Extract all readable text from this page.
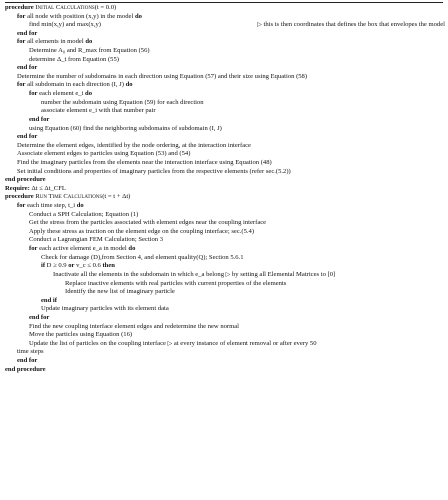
procedure Initial Calculations(t = 0.0)
for all node with position (x,y) in the model do
find min(x,y) and max(x,y)	▷ this is then coordinates that defines the box that envelopes the model
end for
for all elements in model do
Determine A₀ and R_max from Equation (56)
determine Δ_t from Equation (55)
end for
Determine the number of subdomains in each direction using Equation (57) and their size using Equation (58)
for all subdomain in each direction (I, J) do
for each element e_i do
number the subdomain using Equation (59) for each direction
associate element e_i with that number pair
end for
using Equation (60) find the neighboring subdomains of subdomain (I, J)
end for
Determine the element edges, identified by the node ordering, at the interaction interface
Associate element edges to particles using Equation (53) and (54)
Find the imaginary particles from the elements near the interaction interface using Equation (48)
Set initial conditions and properties of imaginary particles from the respective elements (refer sec.(5.2))
end procedure
Require: Δt ≤ Δt_CFL
procedure Run Time Calculations(t = t + Δt)
for each time step, t_i do
Conduct a SPH Calculation; Equation (1)
Get the stress from the particles associated with element edges near the coupling interface
Apply these stress as traction on the element edge on the coupling interface; sec.(5.4)
Conduct a Lagrangian FEM Calculation; Section 3
for each active element e_a in model do
Check for damage (D),from Section 4, and element quality(Q); Section 5.6.1
if D ≥ 0.9 or v_c ≤ 0.6 then
Inactivate all the elements in the subdomain in which e_a belong ▷ by setting all Elemental Matrices to [0]
Replace inactive elements with real particles with current properties of the elements
Identify the new list of imaginary particle
end if
Update imaginary particles with its element data
end for
Find the new coupling interface element edges and redetermine the new normal
Move the particles using Equation (16)
Update the list of particles on the coupling interface ▷ at every instance of element removal or after every 50
time steps
end for
end procedure
